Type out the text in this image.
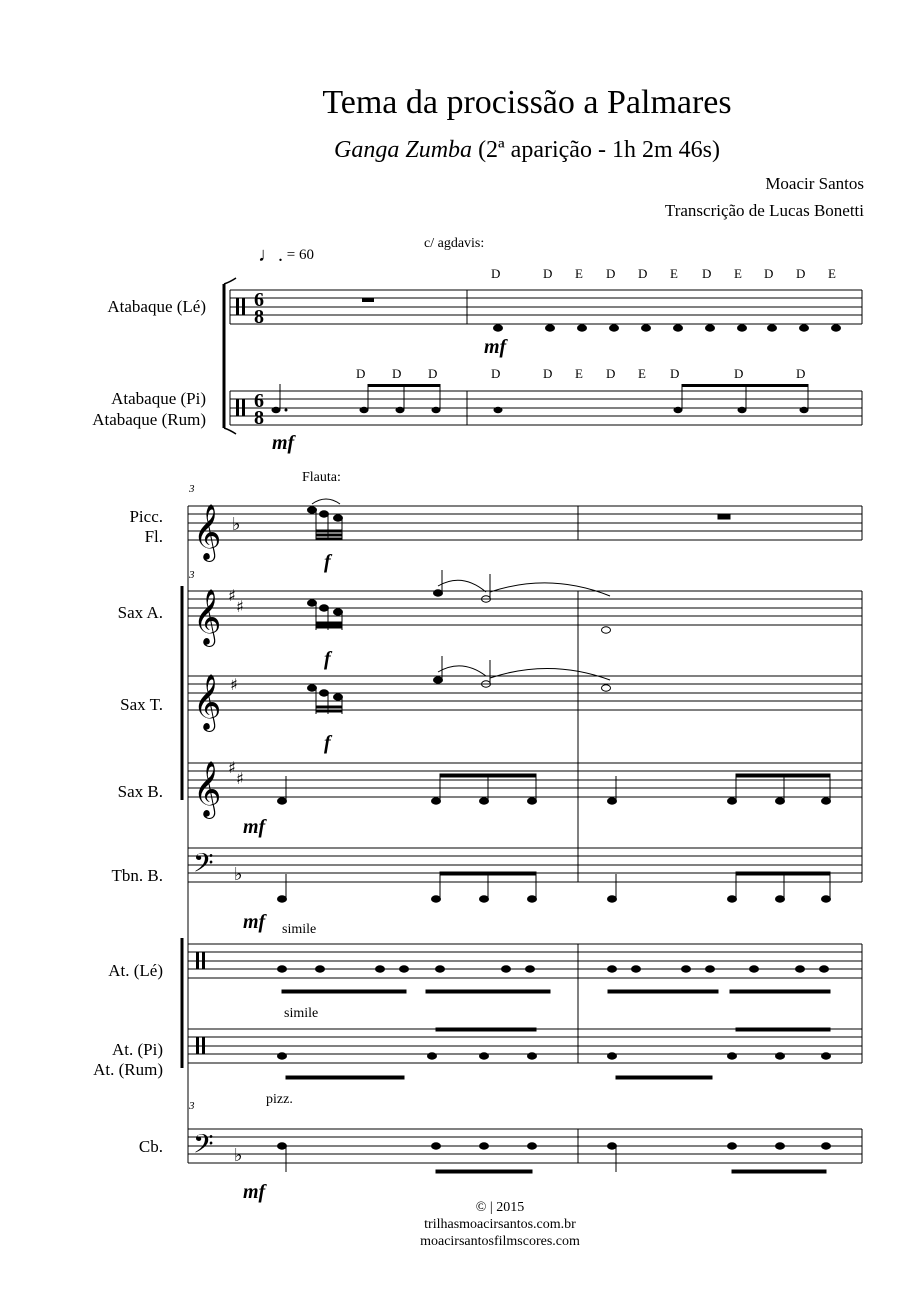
Tema da procissão a Palmares
Ganga Zumba (2ª aparição - 1h 2m 46s)
Moacir Santos
Transcrição de Lucas Bonetti
♩. = 60
c/ agdavis:
Atabaque (Lé)
Atabaque (Pi)
Atabaque (Rum)
mf
mf
D	D E D D E D E D D E
D D D	D	D E D E D	D	D
Picc.
Fl.
Sax A.
Sax T.
Sax B.
Tbn. B.
At. (Lé)
At. (Pi)
At. (Rum)
Cb.
Flauta:
simile
simile
pizz.
3
3
3
f
f
f
mf
mf
mf
© | 2015
trilhasmoacirsantos.com.br
moacirsantosfilmscores.com
6
8
6
8
𝄞
𝄞
𝄞
𝄞
𝄢
𝄢
♭
♯
♯
♯
♯
♯
♭
♭
